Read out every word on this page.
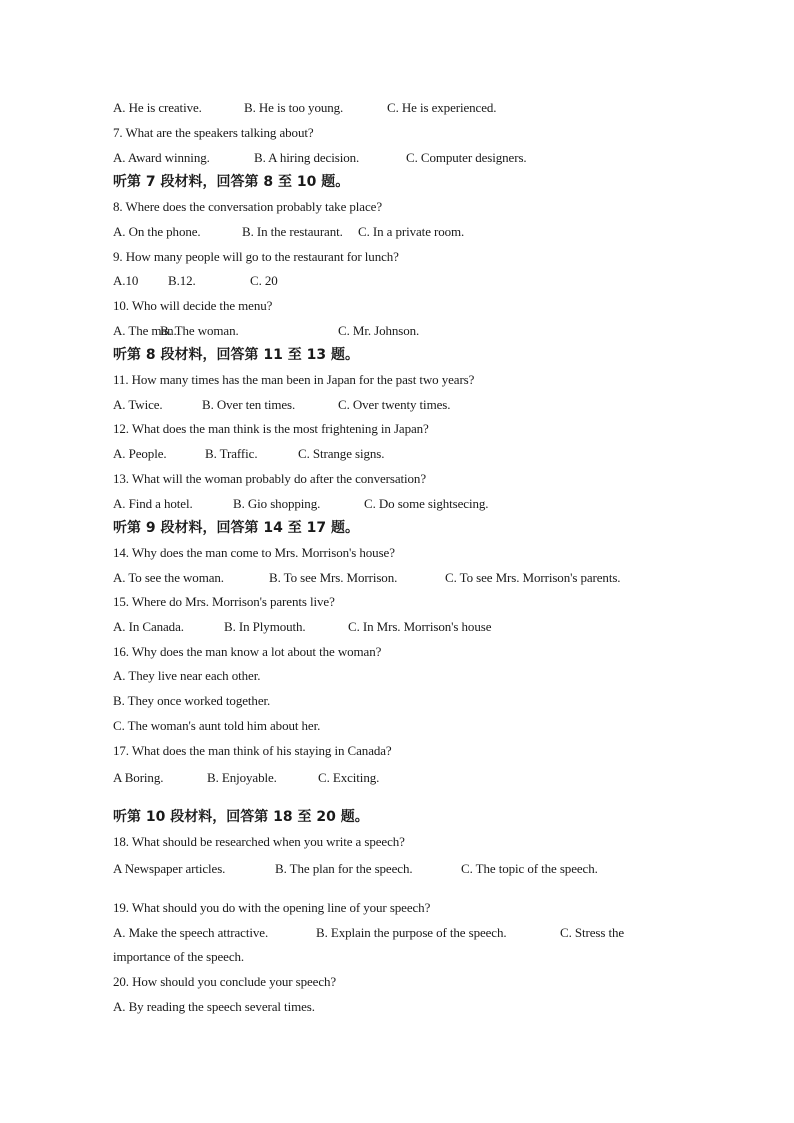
A. He is creative.	B. He is too young.	C. He is experienced.
7. What are the speakers talking about?
A. Award winning.	B. A hiring decision.	C. Computer designers.
听第 7 段材料，回答第 8 至 10 题。
8. Where does the conversation probably take place?
A. On the phone.	B. In the restaurant. C. In a private room.
9. How many people will go to the restaurant for lunch?
A.10 B.12.	C. 20
10. Who will decide the menu?
A. The man.
B. The woman.	C. Mr. Johnson.
听第 8 段材料，回答第 11 至 13 题。
11. How many times has the man been in Japan for the past two years?
A. Twice.	B. Over ten times.	C. Over twenty times.
12. What does the man think is the most frightening in Japan?
A. People.	B. Traffic.	C. Strange signs.
13. What will the woman probably do after the conversation?
A. Find a hotel.	B. Gio shopping.	C. Do some sightsecing.
听第 9 段材料，回答第 14 至 17 题。
14. Why does the man come to Mrs. Morrison's house?
A. To see the woman.	B. To see Mrs. Morrison.	C. To see Mrs. Morrison's parents.
15. Where do Mrs. Morrison's parents live?
A. In Canada.	B. In Plymouth.	C. In Mrs. Morrison's house
16. Why does the man know a lot about the woman?
A. They live near each other.
B. They once worked together.
C. The woman's aunt told him about her.
17. What does the man think of his staying in Canada?
A Boring.	B. Enjoyable.	C. Exciting.
听第 10 段材料，回答第 18 至 20 题。
18. What should be researched when you write a speech?
A Newspaper articles.	B. The plan for the speech.	C. The topic of the speech.
19. What should you do with the opening line of your speech?
A. Make the speech attractive.	B. Explain the purpose of the speech.	C. Stress the
importance of the speech.
20. How should you conclude your speech?
A. By reading the speech several times.
